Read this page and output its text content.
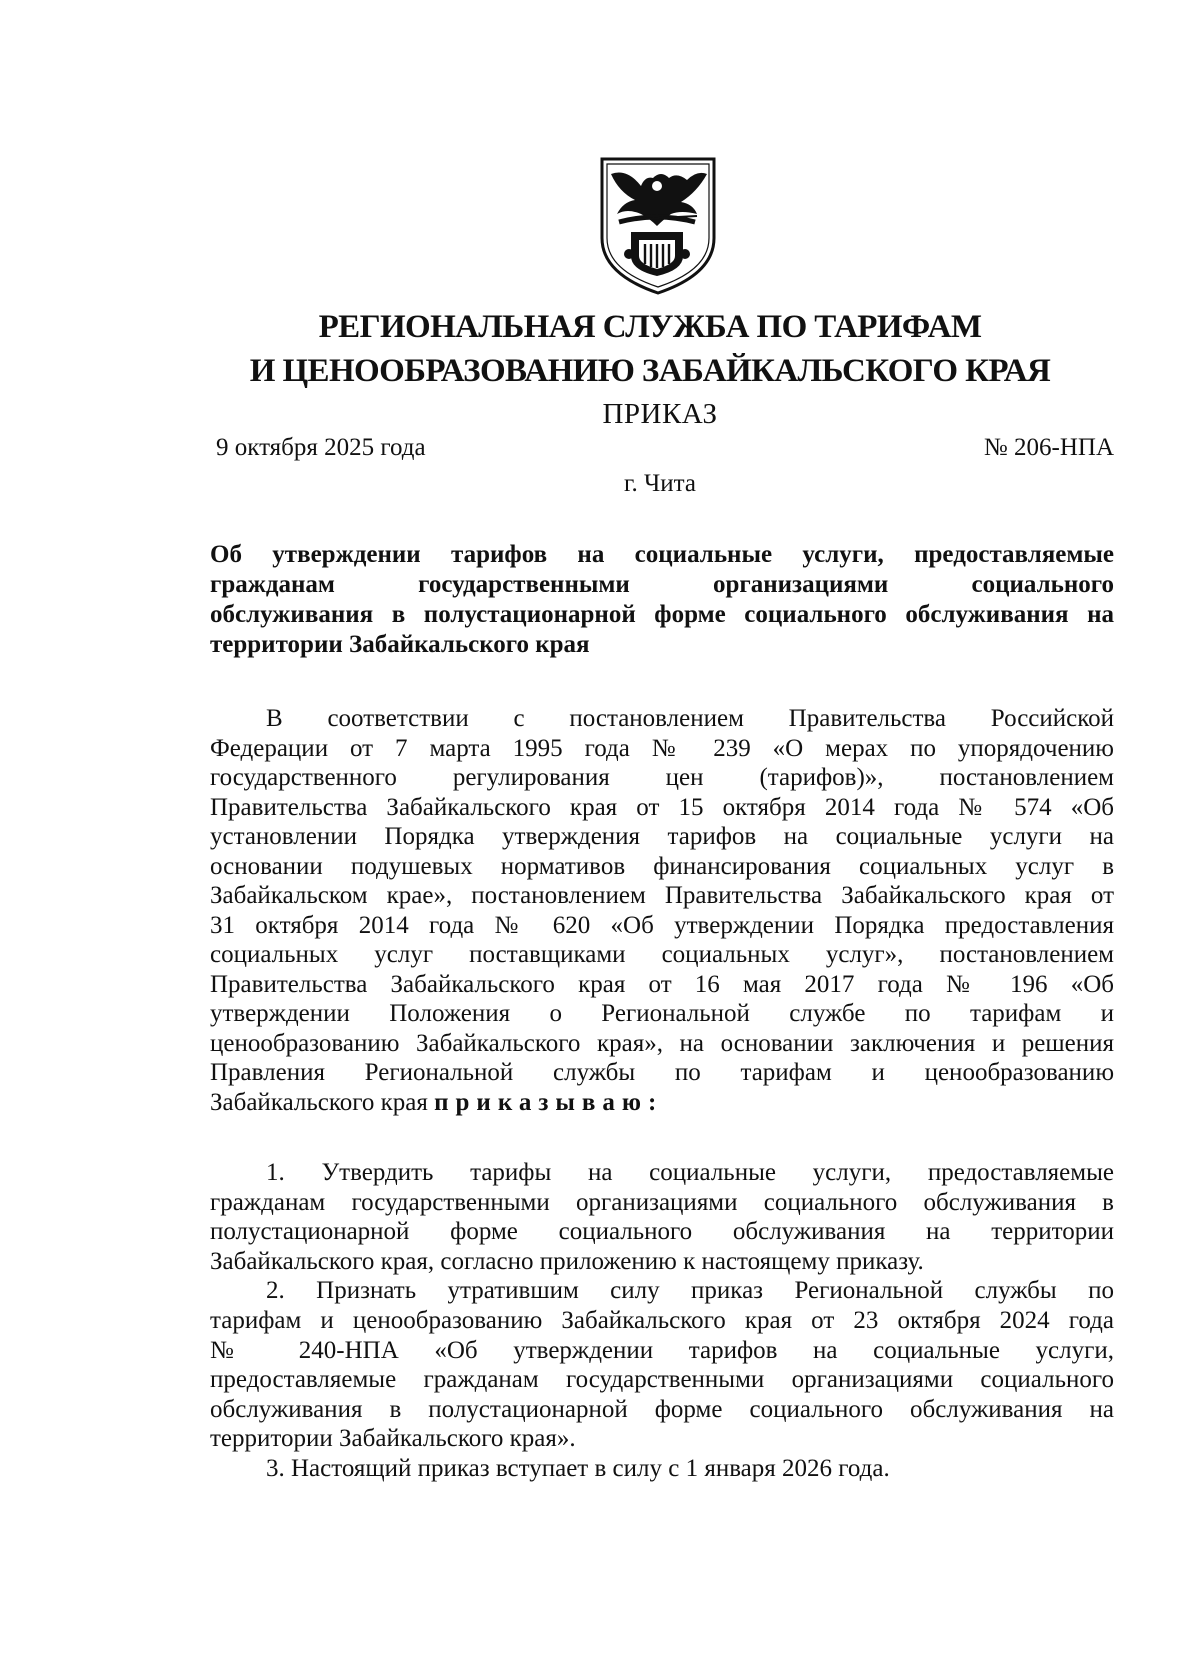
РЕГИОНАЛЬНАЯ СЛУЖБА ПО ТАРИФАМ
И ЦЕНООБРАЗОВАНИЮ ЗАБАЙКАЛЬСКОГО КРАЯ
ПРИКАЗ
9 октября 2025 года	№ 206-НПА
г. Чита
Об утверждении тарифов на социальные услуги, предоставляемые
гражданам государственными организациями социального
обслуживания в полустационарной форме социального обслуживания на
территории Забайкальского края
В соответствии с постановлением Правительства Российской
Федерации от 7 марта 1995 года № 239 «О мерах по упорядочению
государственного регулирования цен (тарифов)», постановлением
Правительства Забайкальского края от 15 октября 2014 года № 574 «Об
установлении Порядка утверждения тарифов на социальные услуги на
основании подушевых нормативов финансирования социальных услуг в
Забайкальском крае», постановлением Правительства Забайкальского края от
31 октября 2014 года № 620 «Об утверждении Порядка предоставления
социальных услуг поставщиками социальных услуг», постановлением
Правительства Забайкальского края от 16 мая 2017 года № 196 «Об
утверждении Положения о Региональной службе по тарифам и
ценообразованию Забайкальского края», на основании заключения и решения
Правления Региональной службы по тарифам и ценообразованию
Забайкальского края приказываю:
1. Утвердить тарифы на социальные услуги, предоставляемые
гражданам государственными организациями социального обслуживания в
полустационарной форме социального обслуживания на территории
Забайкальского края, согласно приложению к настоящему приказу.
2. Признать утратившим силу приказ Региональной службы по
тарифам и ценообразованию Забайкальского края от 23 октября 2024 года
№ 240-НПА «Об утверждении тарифов на социальные услуги,
предоставляемые гражданам государственными организациями социального
обслуживания в полустационарной форме социального обслуживания на
территории Забайкальского края».
3. Настоящий приказ вступает в силу с 1 января 2026 года.
